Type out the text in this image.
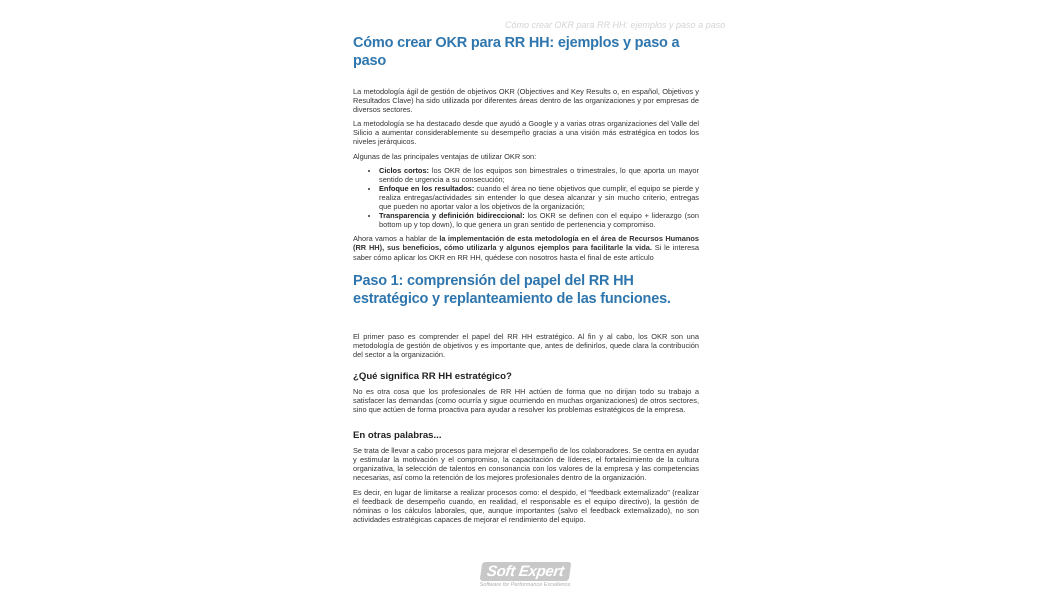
Cómo crear OKR para RR HH: ejemplos y paso a paso
Cómo crear OKR para RR HH: ejemplos y paso a paso

La metodología ágil de gestión de objetivos OKR (Objectives and Key Results o, en español, Objetivos y Resultados Clave) ha sido utilizada por diferentes áreas dentro de las organizaciones y por empresas de diversos sectores.

La metodología se ha destacado desde que ayudó a Google y a varias otras organizaciones del Valle del Silicio a aumentar considerablemente su desempeño gracias a una visión más estratégica en todos los niveles jerárquicos.

Algunas de las principales ventajas de utilizar OKR son:

• Ciclos cortos: los OKR de los equipos son bimestrales o trimestrales, lo que aporta un mayor sentido de urgencia a su consecución;
• Enfoque en los resultados: cuando el área no tiene objetivos que cumplir, el equipo se pierde y realiza entregas/actividades sin entender lo que desea alcanzar y sin mucho criterio, entregas que pueden no aportar valor a los objetivos de la organización;
• Transparencia y definición bidireccional: los OKR se definen con el equipo + liderazgo (son bottom up y top down), lo que genera un gran sentido de pertenencia y compromiso.

Ahora vamos a hablar de la implementación de esta metodología en el área de Recursos Humanos (RR HH), sus beneficios, cómo utilizarla y algunos ejemplos para facilitarle la vida. Si le interesa saber cómo aplicar los OKR en RR HH, quédese con nosotros hasta el final de este artículo

Paso 1: comprensión del papel del RR HH estratégico y replanteamiento de las funciones.

El primer paso es comprender el papel del RR HH estratégico. Al fin y al cabo, los OKR son una metodología de gestión de objetivos y es importante que, antes de definirlos, quede clara la contribución del sector a la organización.

¿Qué significa RR HH estratégico?

No es otra cosa que los profesionales de RR HH actúen de forma que no dirijan todo su trabajo a satisfacer las demandas (como ocurría y sigue ocurriendo en muchas organizaciones) de otros sectores, sino que actúen de forma proactiva para ayudar a resolver los problemas estratégicos de la empresa.

En otras palabras...

Se trata de llevar a cabo procesos para mejorar el desempeño de los colaboradores. Se centra en ayudar y estimular la motivación y el compromiso, la capacitación de líderes, el fortalecimiento de la cultura organizativa, la selección de talentos en consonancia con los valores de la empresa y las competencias necesarias, así como la retención de los mejores profesionales dentro de la organización.

Es decir, en lugar de limitarse a realizar procesos como: el despido, el "feedback externalizado" (realizar el feedback de desempeño cuando, en realidad, el responsable es el equipo directivo), la gestión de nóminas o los cálculos laborales, que, aunque importantes (salvo el feedback externalizado), no son actividades estratégicas capaces de mejorar el rendimiento del equipo.

Soft Expert
Software for Performance Excellence
